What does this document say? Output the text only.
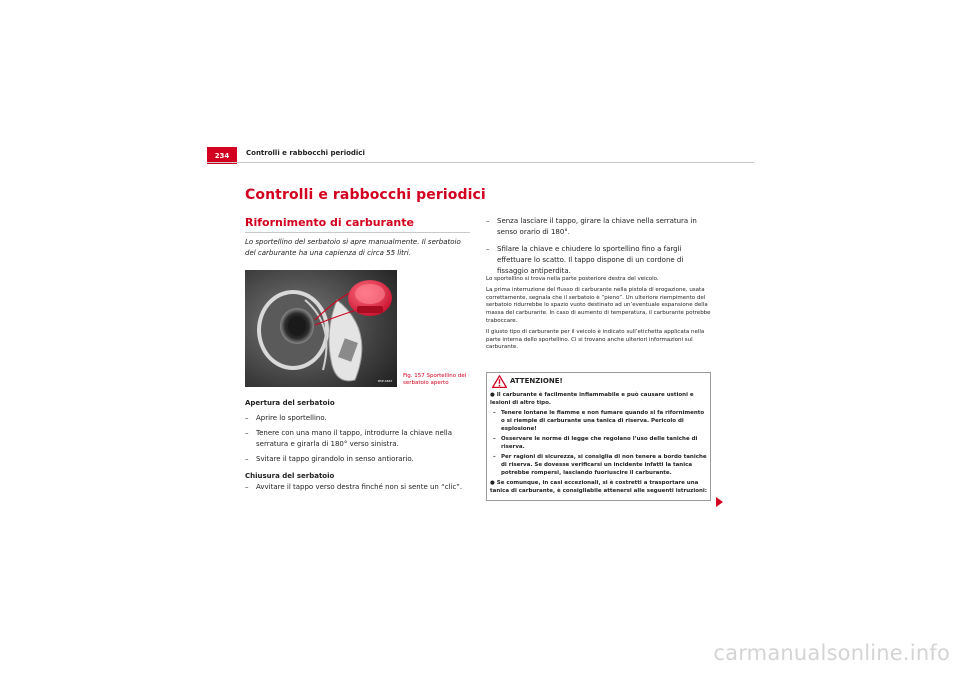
234	Controlli e rabbocchi periodici
Controlli e rabbocchi periodici
Rifornimento di carburante
Lo sportellino del serbatoio si apre manualmente. Il serbatoio del carburante ha una capienza di circa 55 litri.
B5P-0667
Fig. 157 Sportellino del serbatoio aperto
Apertura del serbatoio
– Aprire lo sportellino.
– Tenere con una mano il tappo, introdurre la chiave nella serratura e girarla di 180° verso sinistra.
– Svitare il tappo girandolo in senso antiorario.
Chiusura del serbatoio
– Avvitare il tappo verso destra finché non si sente un “clic”.
– Senza lasciare il tappo, girare la chiave nella serratura in senso orario di 180°.
– Sfilare la chiave e chiudere lo sportellino fino a fargli effettuare lo scatto. Il tappo dispone di un cordone di fissaggio antiperdita.

Lo sportellino si trova nella parte posteriore destra del veicolo.

La prima interruzione del flusso di carburante nella pistola di erogazione, usata correttamente, segnala che il serbatoio è “pieno”. Un ulteriore riempimento del serbatoio ridurrebbe lo spazio vuoto destinato ad un’eventuale espansione della massa del carburante. In caso di aumento di temperatura, il carburante potrebbe traboccare.

Il giusto tipo di carburante per il veicolo è indicato sull’etichetta applicata nella parte interna dello sportellino. Ci si trovano anche ulteriori informazioni sul carburante.

ATTENZIONE!

● Il carburante è facilmente infiammabile e può causare ustioni e lesioni di altro tipo.

– Tenere lontane le fiamme e non fumare quando si fa rifornimento o si riempie di carburante una tanica di riserva. Pericolo di esplosione!

– Osservare le norme di legge che regolano l’uso delle taniche di riserva.

– Per ragioni di sicurezza, si consiglia di non tenere a bordo taniche di riserva. Se dovesse verificarsi un incidente infatti la tanica potrebbe rompersi, lasciando fuoriuscire il carburante.

● Se comunque, in casi eccezionali, si è costretti a trasportare una tanica di carburante, è consigliabile attenersi alle seguenti istruzioni:

carmanualsonline.info
